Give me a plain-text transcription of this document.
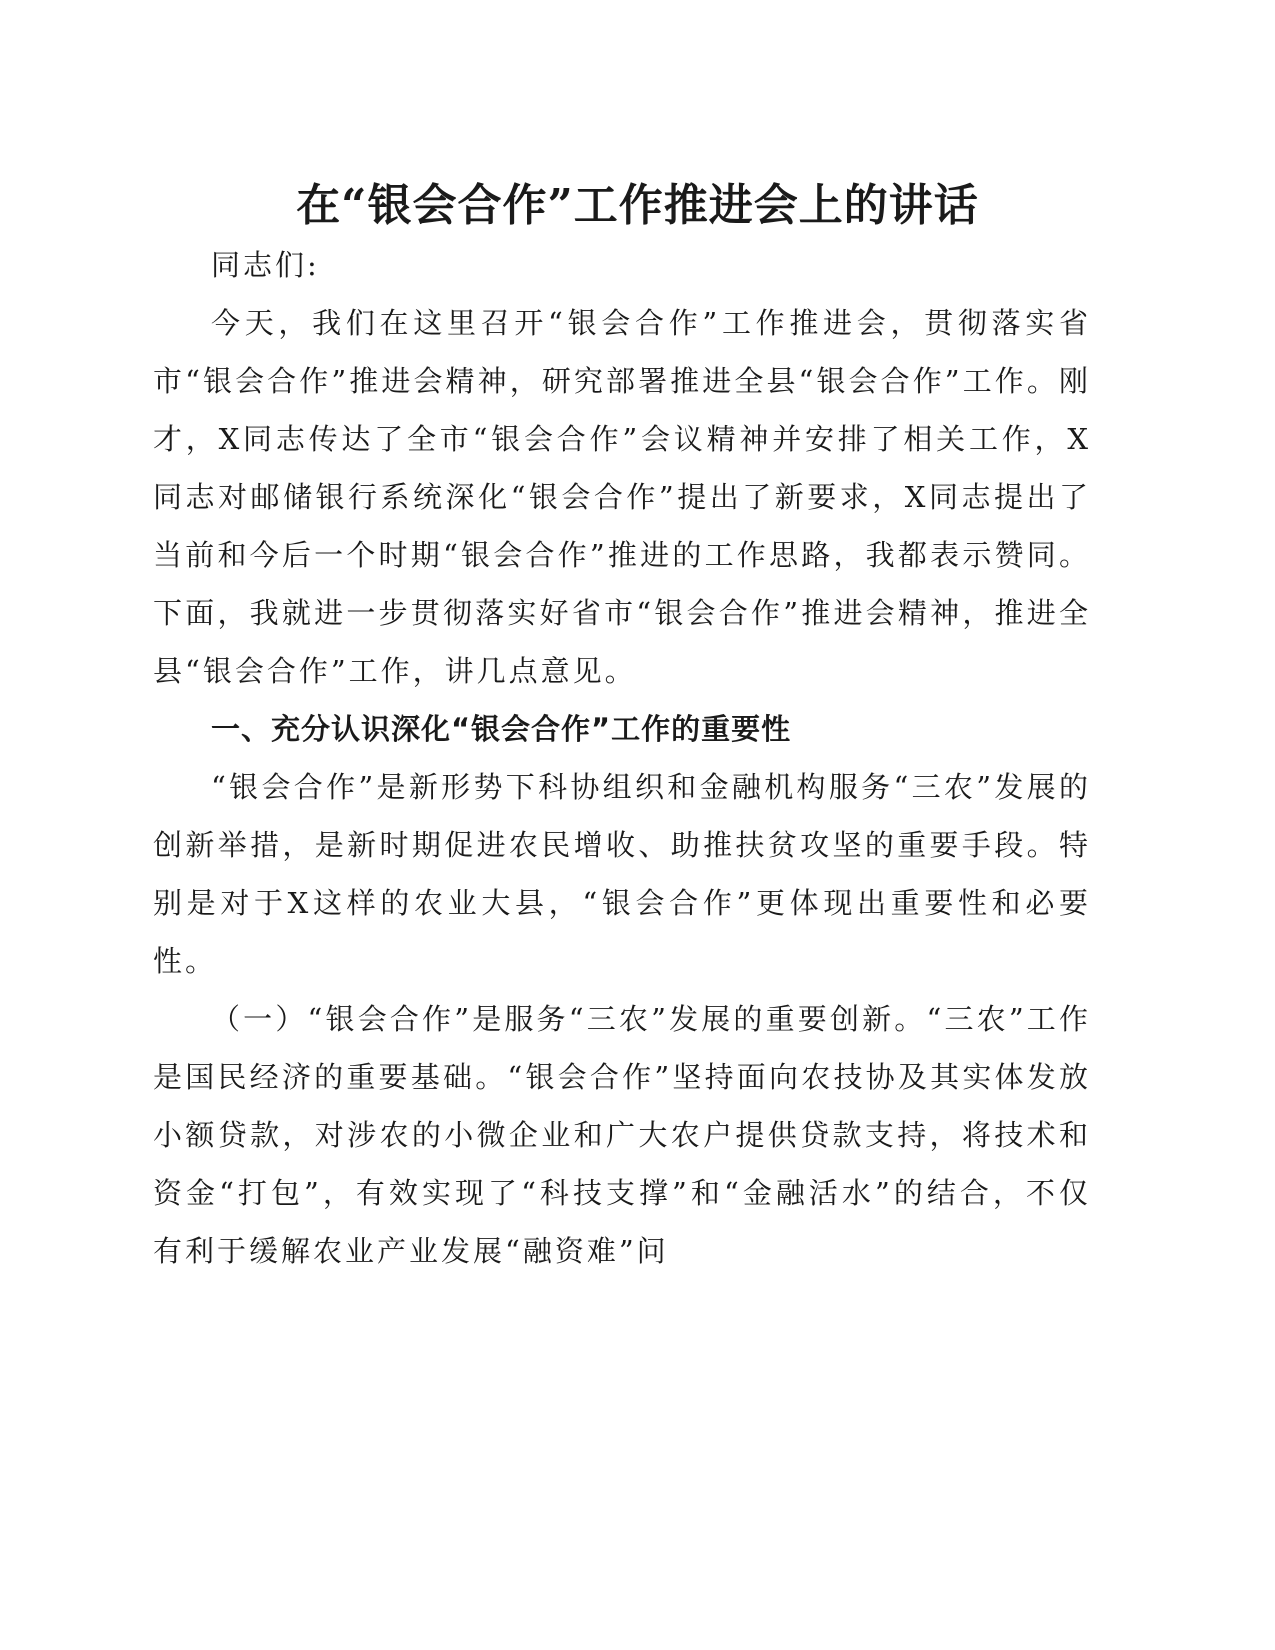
在“银会合作”工作推进会上的讲话

同志们:

今天，我们在这里召开“银会合作”工作推进会，贯彻落实省市“银会合作”推进会精神，研究部署推进全县“银会合作”工作。刚才，X同志传达了全市“银会合作”会议精神并安排了相关工作，X同志对邮储银行系统深化“银会合作”提出了新要求，X同志提出了当前和今后一个时期“银会合作”推进的工作思路，我都表示赞同。下面，我就进一步贯彻落实好省市“银会合作”推进会精神，推进全县“银会合作”工作，讲几点意见。

一、充分认识深化“银会合作”工作的重要性

“银会合作”是新形势下科协组织和金融机构服务“三农”发展的创新举措，是新时期促进农民增收、助推扶贫攻坚的重要手段。特别是对于X这样的农业大县，“银会合作”更体现出重要性和必要性。

（一）“银会合作”是服务“三农”发展的重要创新。“三农”工作是国民经济的重要基础。“银会合作”坚持面向农技协及其实体发放小额贷款，对涉农的小微企业和广大农户提供贷款支持，将技术和资金“打包”，有效实现了“科技支撑”和“金融活水”的结合，不仅有利于缓解农业产业发展“融资难”问
